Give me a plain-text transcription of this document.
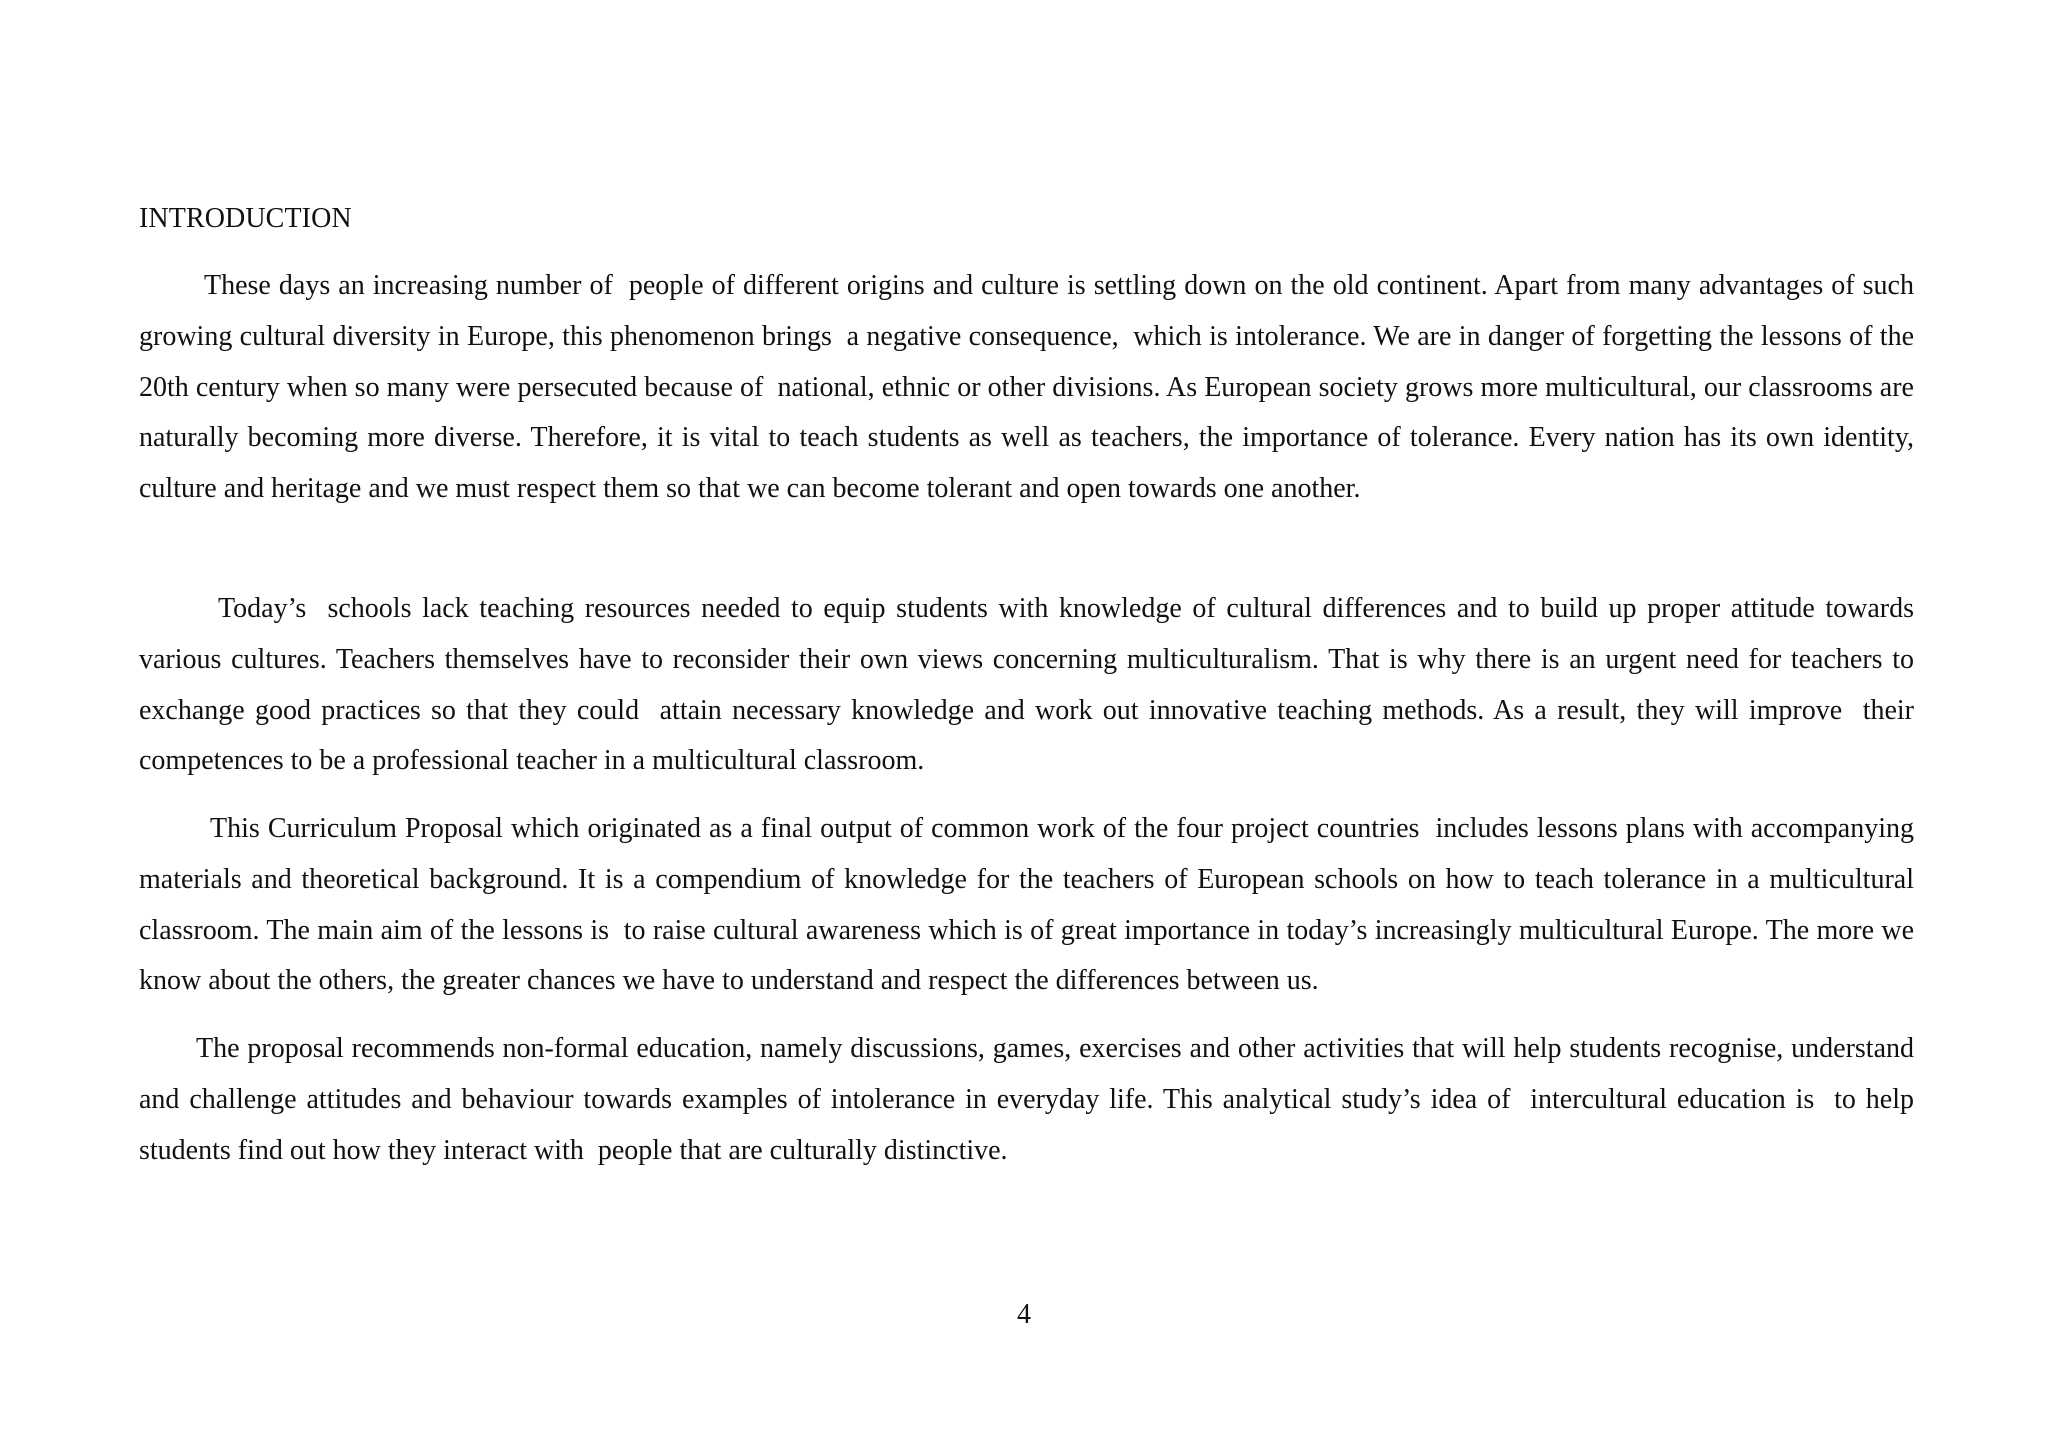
INTRODUCTION

These days an increasing number of  people of different origins and culture is settling down on the old continent. Apart from many advantages of such growing cultural diversity in Europe, this phenomenon brings  a negative consequence,  which is intolerance. We are in danger of forgetting the lessons of the 20th century when so many were persecuted because of  national, ethnic or other divisions. As European society grows more multicultural, our classrooms are naturally becoming more diverse. Therefore, it is vital to teach students as well as teachers, the importance of tolerance. Every nation has its own identity, culture and heritage and we must respect them so that we can become tolerant and open towards one another.

Today’s  schools lack teaching resources needed to equip students with knowledge of cultural differences and to build up proper attitude towards various cultures. Teachers themselves have to reconsider their own views concerning multiculturalism. That is why there is an urgent need for teachers to exchange good practices so that they could  attain necessary knowledge and work out innovative teaching methods. As a result, they will improve  their competences to be a professional teacher in a multicultural classroom.

This Curriculum Proposal which originated as a final output of common work of the four project countries  includes lessons plans with accompanying materials and theoretical background. It is a compendium of knowledge for the teachers of European schools on how to teach tolerance in a multicultural classroom. The main aim of the lessons is  to raise cultural awareness which is of great importance in today’s increasingly multicultural Europe. The more we know about the others, the greater chances we have to understand and respect the differences between us.

The proposal recommends non-formal education, namely discussions, games, exercises and other activities that will help students recognise, understand and challenge attitudes and behaviour towards examples of intolerance in everyday life. This analytical study’s idea of  intercultural education is  to help students find out how they interact with  people that are culturally distinctive.

4
